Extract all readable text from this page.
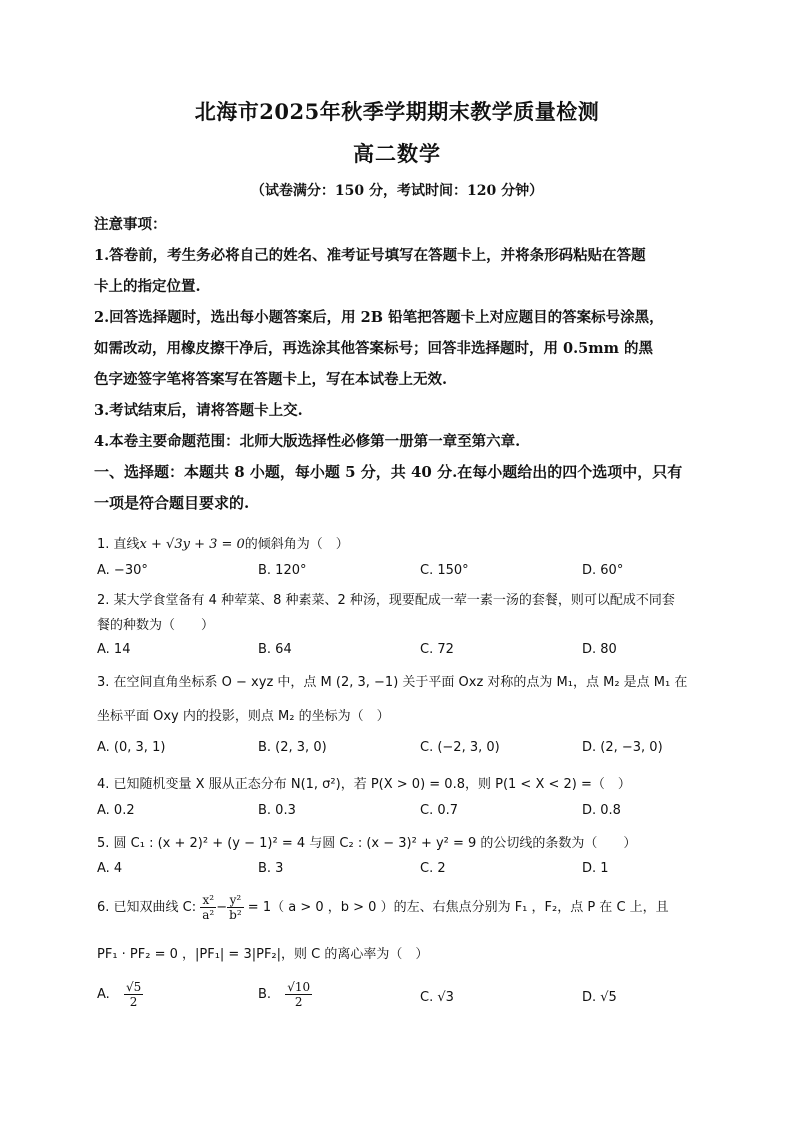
北海市2025年秋季学期期末教学质量检测
高二数学
（试卷满分：150 分，考试时间：120 分钟）
注意事项：
1.答卷前，考生务必将自己的姓名、准考证号填写在答题卡上，并将条形码粘贴在答题
卡上的指定位置.
2.回答选择题时，选出每小题答案后，用 2B 铅笔把答题卡上对应题目的答案标号涂黑，
如需改动，用橡皮擦干净后，再选涂其他答案标号；回答非选择题时，用 0.5mm 的黑
色字迹签字笔将答案写在答题卡上，写在本试卷上无效.
3.考试结束后，请将答题卡上交.
4.本卷主要命题范围：北师大版选择性必修第一册第一章至第六章.
一、选择题：本题共 8 小题，每小题 5 分，共 40 分.在每小题给出的四个选项中，只有
一项是符合题目要求的.
1. 直线x + √3y + 3 = 0的倾斜角为（　）
A. −30°	B. 120°	C. 150°	D. 60°
2. 某大学食堂备有 4 种荤菜、8 种素菜、2 种汤，现要配成一荤一素一汤的套餐，则可以配成不同套
餐的种数为（　　）
A. 14	B. 64	C. 72	D. 80
3. 在空间直角坐标系 O − xyz 中，点 M (2, 3, −1) 关于平面 Oxz 对称的点为 M₁，点 M₂ 是点 M₁ 在
坐标平面 Oxy 内的投影，则点 M₂ 的坐标为（　）
A. (0, 3, 1)	B. (2, 3, 0)	C. (−2, 3, 0)	D. (2, −3, 0)
4. 已知随机变量 X 服从正态分布 N(1, σ²)，若 P(X > 0) = 0.8，则 P(1 < X < 2) =（　）
A. 0.2	B. 0.3	C. 0.7	D. 0.8
5. 圆 C₁ : (x + 2)² + (y − 1)² = 4 与圆 C₂ : (x − 3)² + y² = 9 的公切线的条数为（　　）
A. 4	B. 3	C. 2	D. 1
6. 已知双曲线 C: $\frac{\text{x²}}{\text{a²}} - \frac{\text{y²}}{\text{b²}} = 1$（ a > 0 ，b > 0 ）的左、右焦点分别为 F₁ ，F₂，点 P 在 C 上，且
PF₁ · PF₂ = 0 ，|PF₁| = 3|PF₂|，则 C 的离心率为（　）
A. $\frac{√5}{2}$	B. $\frac{√10}{2}$	C. √3	D. √5
